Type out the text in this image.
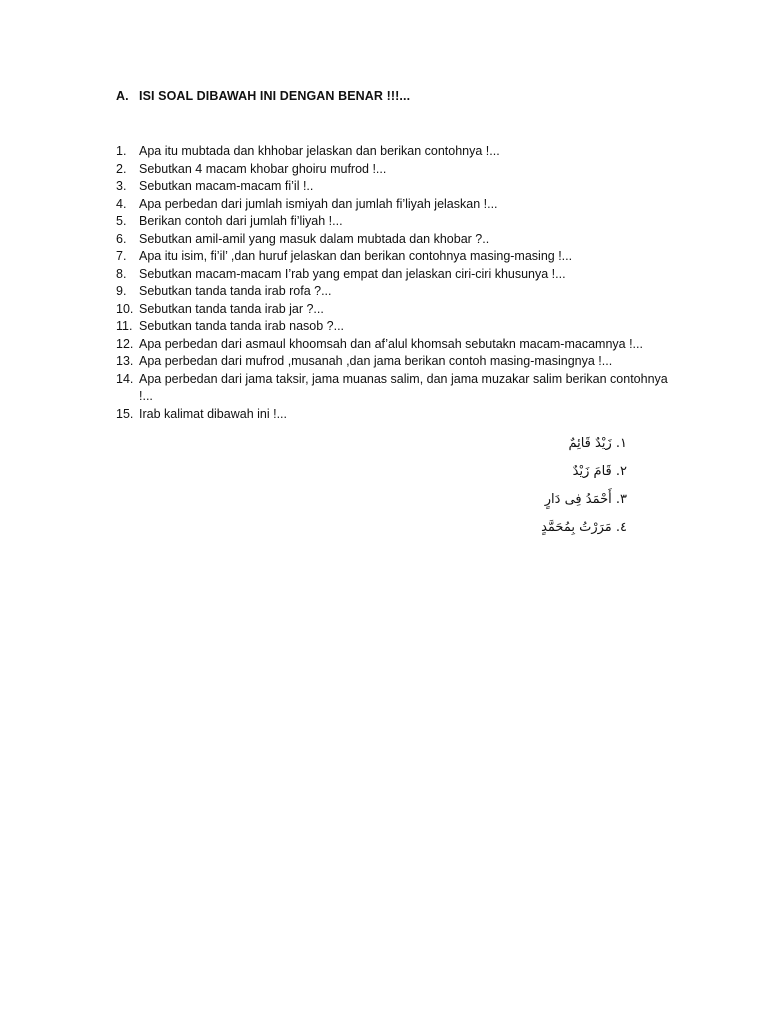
A. ISI SOAL DIBAWAH INI DENGAN BENAR !!!...
1. Apa itu mubtada dan khhobar jelaskan dan berikan contohnya !...
2. Sebutkan 4 macam khobar ghoiru mufrod !...
3. Sebutkan macam-macam fi’il !..
4. Apa perbedan dari jumlah ismiyah dan jumlah fi’liyah jelaskan !...
5. Berikan contoh dari jumlah fi’liyah !...
6. Sebutkan amil-amil yang masuk dalam mubtada dan khobar ?..
7. Apa itu isim, fi’il’ ,dan huruf jelaskan dan berikan contohnya masing-masing !...
8. Sebutkan macam-macam I’rab yang empat dan jelaskan ciri-ciri khusunya !...
9. Sebutkan tanda tanda irab rofa ?...
10. Sebutkan tanda tanda irab jar ?...
11. Sebutkan tanda tanda irab nasob ?...
12. Apa perbedan dari asmaul khoomsah dan af’alul khomsah sebutakn macam-macamnya !...
13. Apa perbedan dari mufrod ,musanah ,dan jama berikan contoh masing-masingnya !...
14. Apa perbedan dari jama taksir, jama muanas salim, dan jama muzakar salim berikan contohnya !...
15. Irab kalimat dibawah ini !...
١. زَيْدٌ قَائِمٌ
٢. قَامَ زَيْدٌ
٣. أَحْمَدُ فِى دَارٍ
٤. مَرَرْتُ بِمُحَمَّدٍ
